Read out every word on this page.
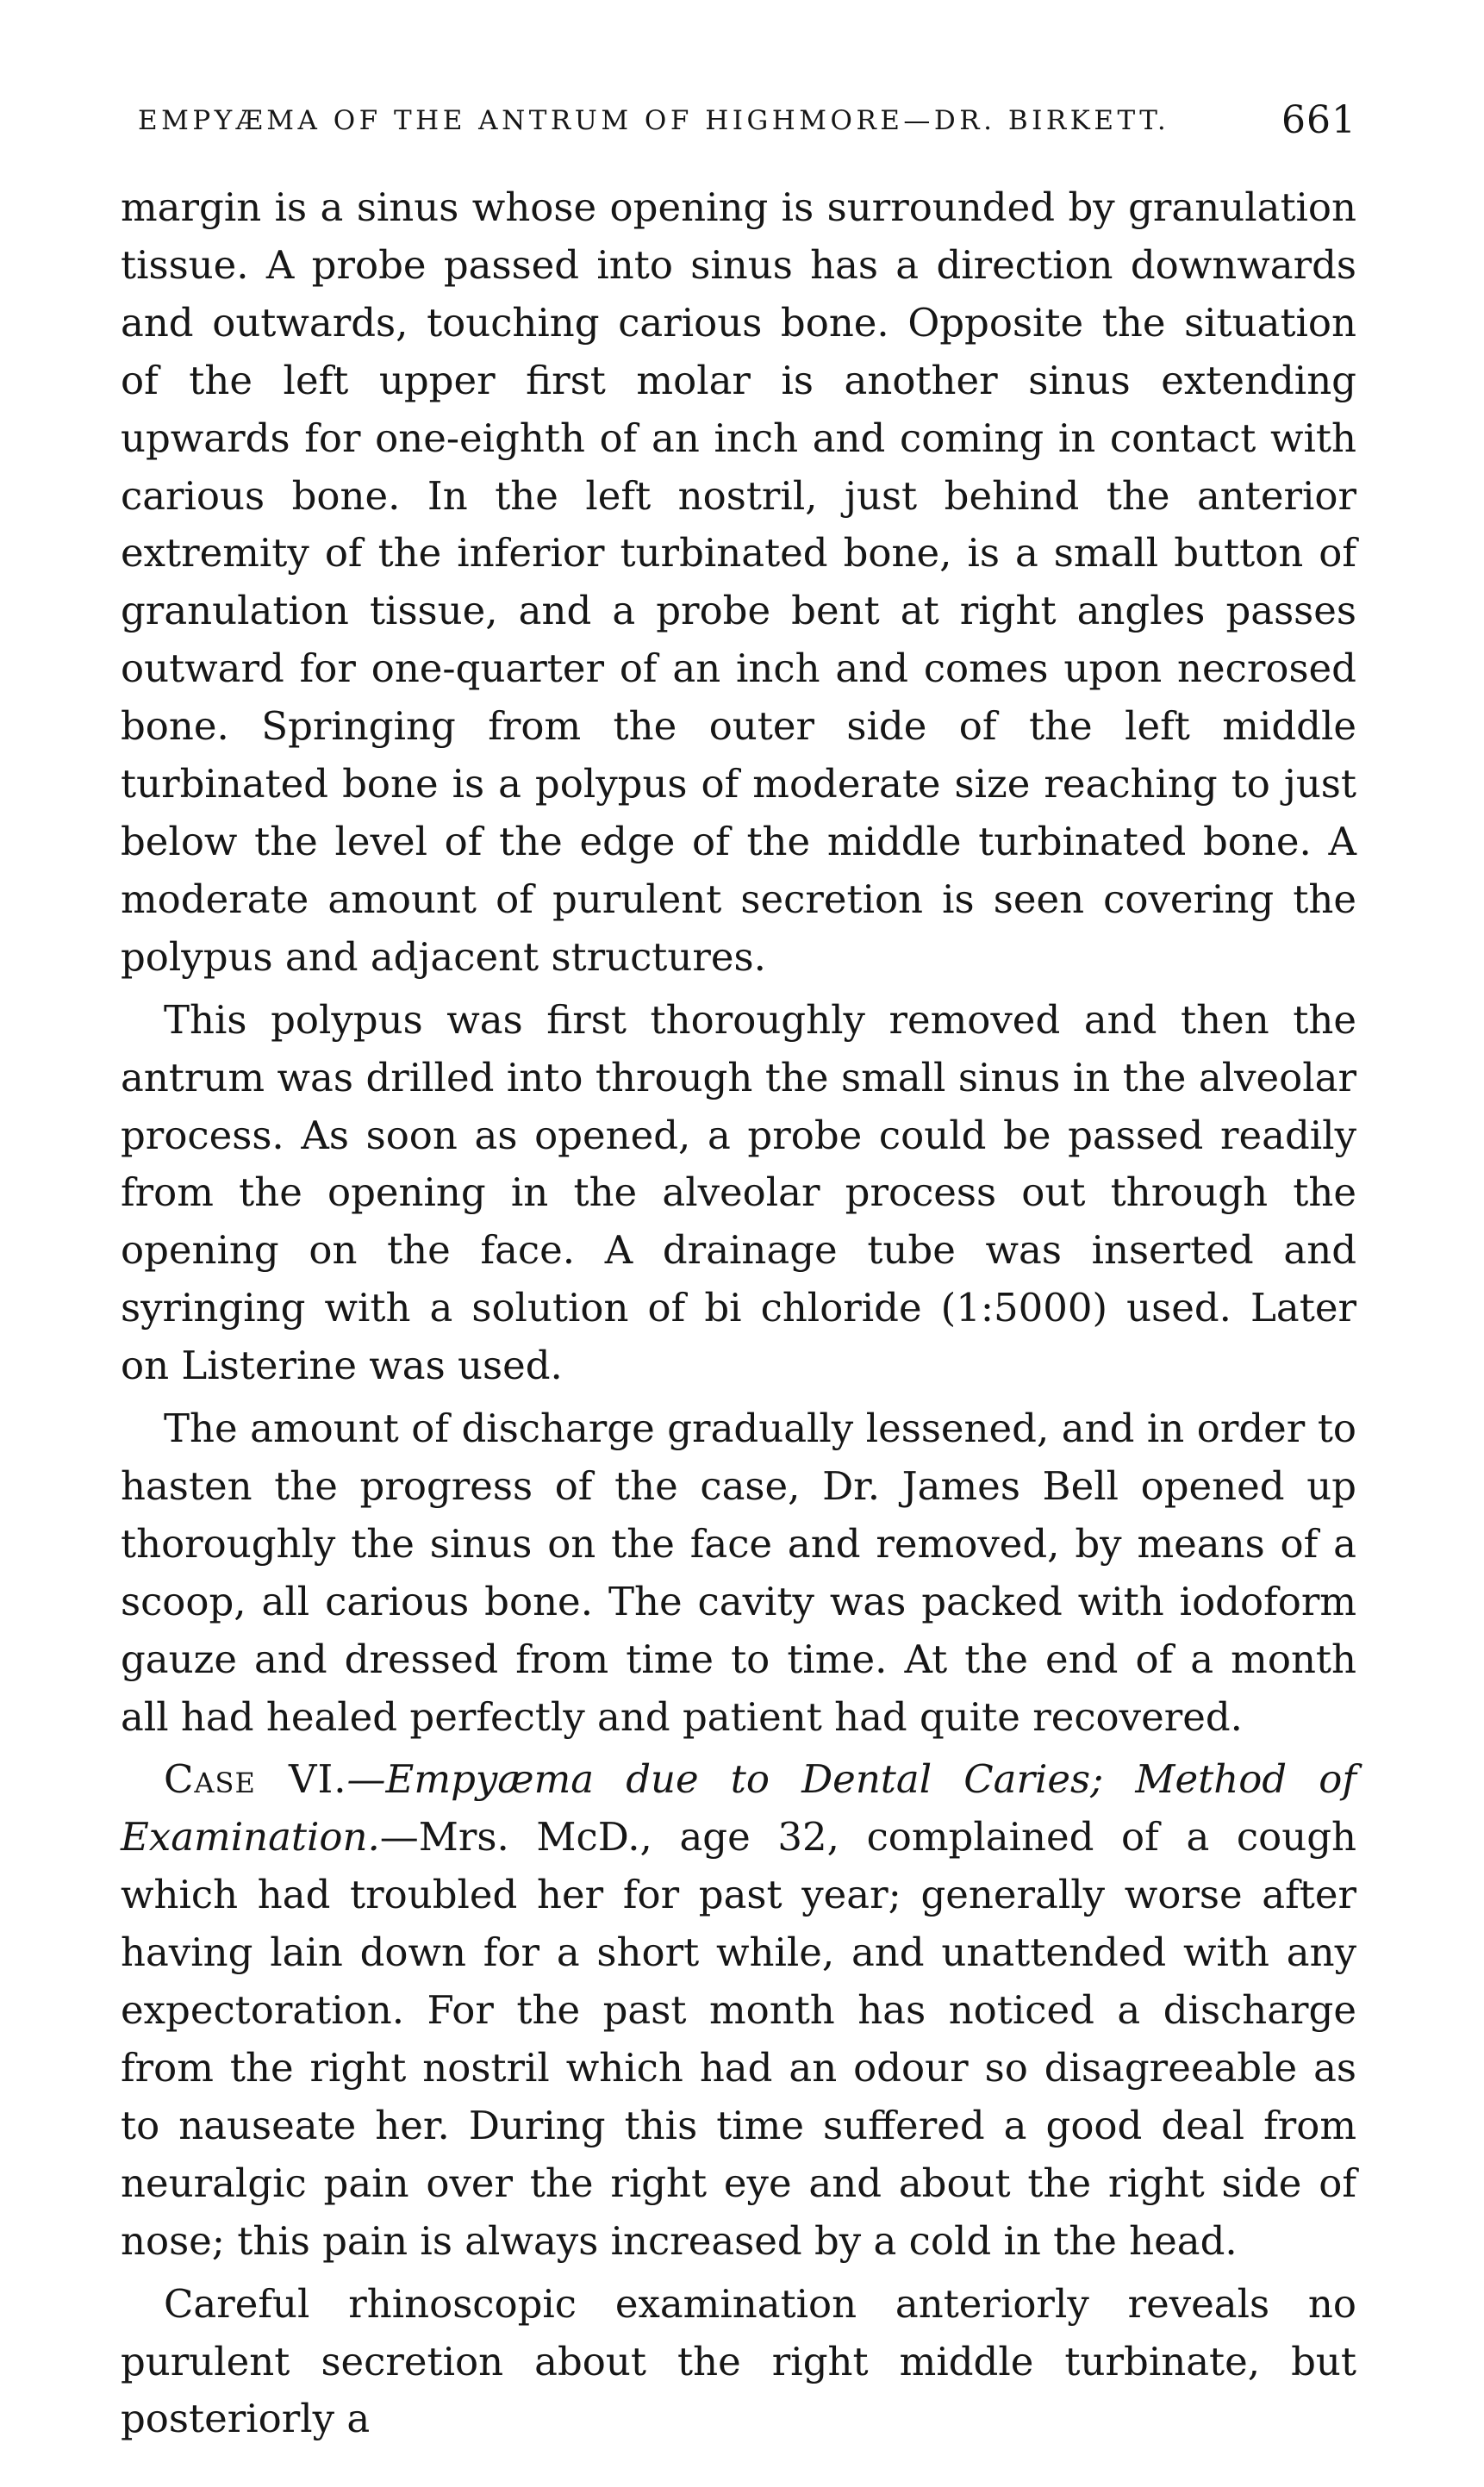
EMPYÆMA OF THE ANTRUM OF HIGHMORE—DR. BIRKETT.	661

margin is a sinus whose opening is surrounded by granulation tissue. A probe passed into sinus has a direction downwards and outwards, touching carious bone. Opposite the situation of the left upper first molar is another sinus extending upwards for one-eighth of an inch and coming in contact with carious bone. In the left nostril, just behind the anterior extremity of the inferior turbinated bone, is a small button of granulation tissue, and a probe bent at right angles passes outward for one-quarter of an inch and comes upon necrosed bone. Springing from the outer side of the left middle turbinated bone is a polypus of moderate size reaching to just below the level of the edge of the middle turbinated bone. A moderate amount of purulent secretion is seen covering the polypus and adjacent structures.

This polypus was first thoroughly removed and then the antrum was drilled into through the small sinus in the alveolar process. As soon as opened, a probe could be passed readily from the opening in the alveolar process out through the opening on the face. A drainage tube was inserted and syringing with a solution of bi chloride (1:5000) used. Later on Listerine was used.

The amount of discharge gradually lessened, and in order to hasten the progress of the case, Dr. James Bell opened up thoroughly the sinus on the face and removed, by means of a scoop, all carious bone. The cavity was packed with iodoform gauze and dressed from time to time. At the end of a month all had healed perfectly and patient had quite recovered.

Case VI.—Empyæma due to Dental Caries; Method of Examination.—Mrs. McD., age 32, complained of a cough which had troubled her for past year; generally worse after having lain down for a short while, and unattended with any expectoration. For the past month has noticed a discharge from the right nostril which had an odour so disagreeable as to nauseate her. During this time suffered a good deal from neuralgic pain over the right eye and about the right side of nose; this pain is always increased by a cold in the head.

Careful rhinoscopic examination anteriorly reveals no purulent secretion about the right middle turbinate, but posteriorly a
